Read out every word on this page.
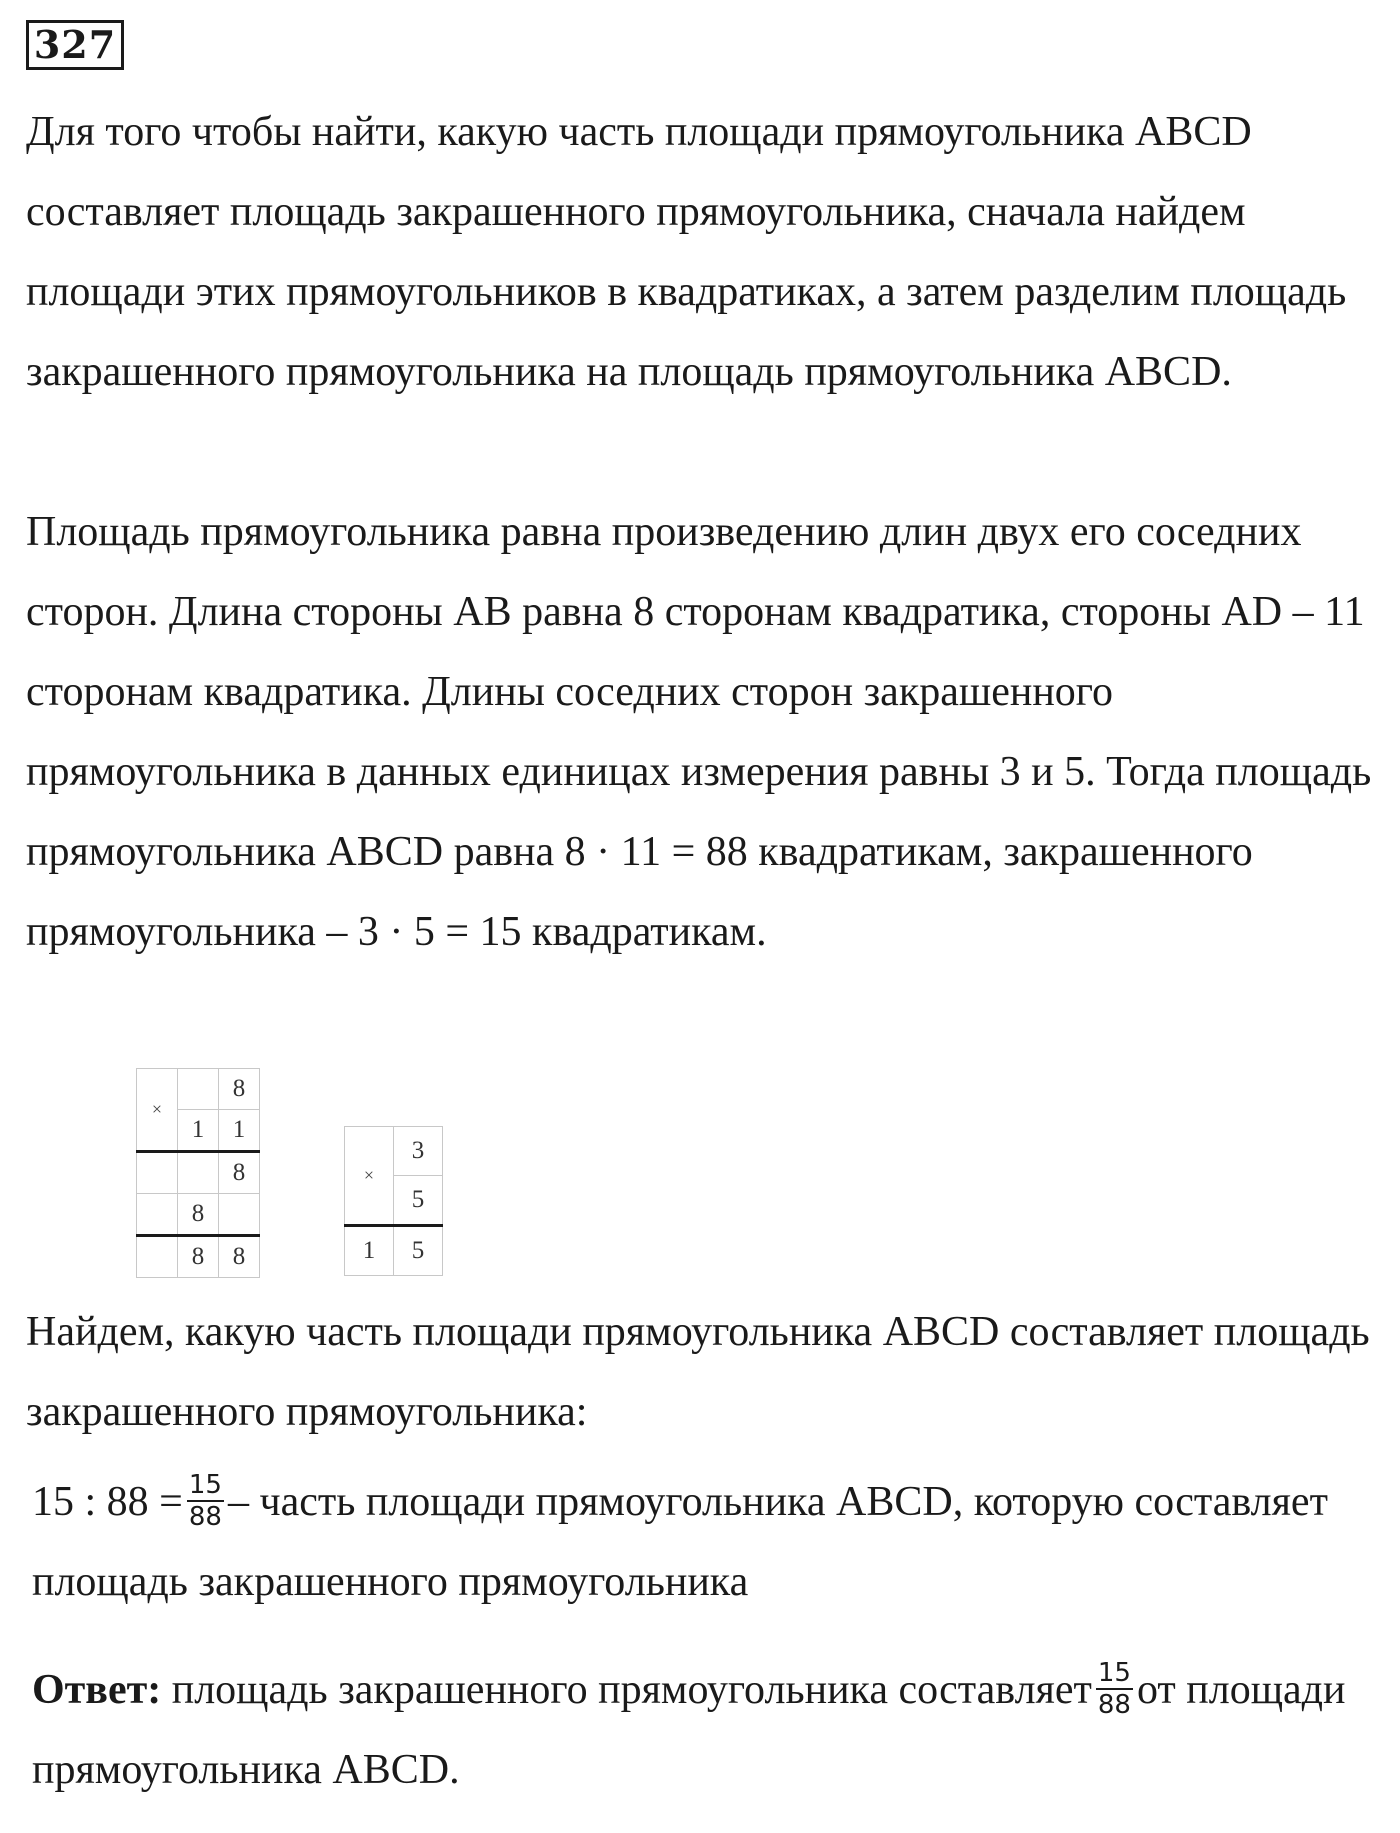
327

Для того чтобы найти, какую часть площади прямоугольника ABCD составляет площадь закрашенного прямоугольника, сначала найдем площади этих прямоугольников в квадратиках, а затем разделим площадь закрашенного прямоугольника на площадь прямоугольника ABCD.

Площадь прямоугольника равна произведению длин двух его соседних сторон. Длина стороны AB равна 8 сторонам квадратика, стороны AD – 11 сторонам квадратика. Длины соседних сторон закрашенного прямоугольника в данных единицах измерения равны 3 и 5. Тогда площадь прямоугольника ABCD равна 8 · 11 = 88 квадратикам, закрашенного прямоугольника – 3 · 5 = 15 квадратикам.

×		8
	1	1
		8
	8	
	8	8
×	3
	5
1	5

Найдем, какую часть площади прямоугольника ABCD составляет площадь закрашенного прямоугольника:

15 : $88 = \frac{15}{88}$ – часть площади прямоугольника ABCD, которую составляет площадь закрашенного прямоугольника

Ответ: площадь закрашенного прямоугольника составляет $\frac{15}{88}$ от площади прямоугольника ABCD.
